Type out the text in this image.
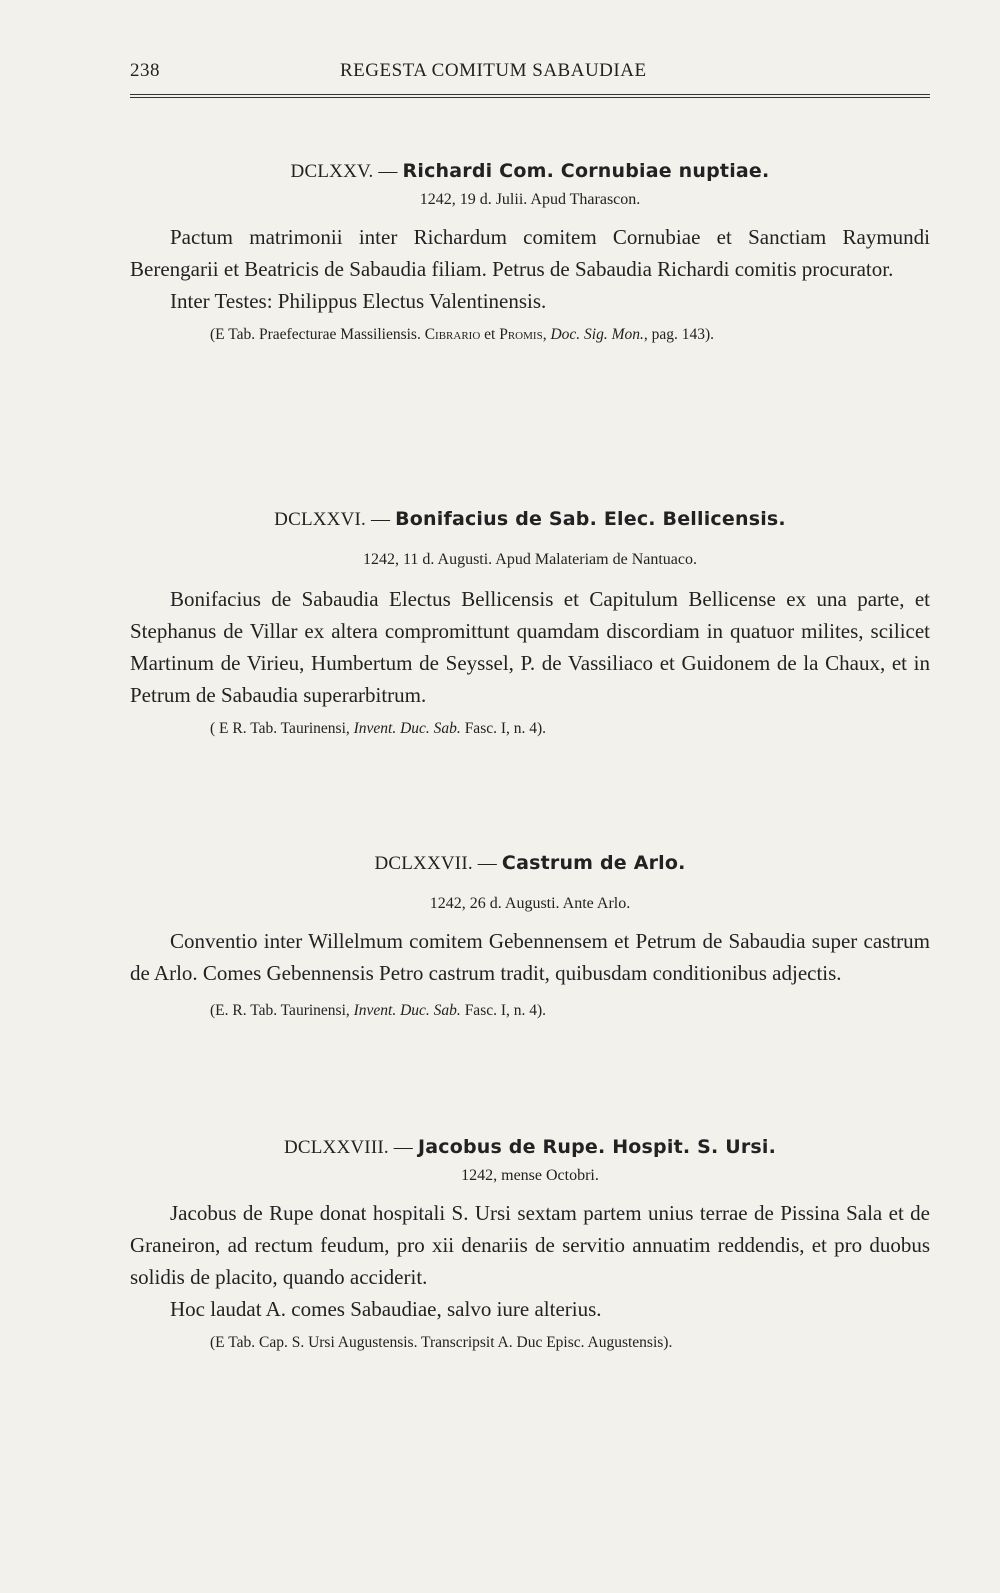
238	REGESTA COMITUM SABAUDIAE

DCLXXV. — Richardi Com. Cornubiae nuptiae.

1242, 19 d. Julii. Apud Tharascon.

Pactum matrimonii inter Richardum comitem Cornubiae et Sanctiam Raymundi Berengarii et Beatricis de Sabaudia filiam. Petrus de Sabaudia Richardi comitis procurator.

Inter Testes: Philippus Electus Valentinensis.

(E Tab. Praefecturae Massiliensis. Cibrario et Promis, Doc. Sig. Mon., pag. 143).

DCLXXVI. — Bonifacius de Sab. Elec. Bellicensis.

1242, 11 d. Augusti. Apud Malateriam de Nantuaco.

Bonifacius de Sabaudia Electus Bellicensis et Capitulum Bellicense ex una parte, et Stephanus de Villar ex altera compromittunt quamdam discordiam in quatuor milites, scilicet Martinum de Virieu, Humbertum de Seyssel, P. de Vassiliaco et Guidonem de la Chaux, et in Petrum de Sabaudia superarbitrum.

( E R. Tab. Taurinensi, Invent. Duc. Sab. Fasc. I, n. 4).

DCLXXVII. — Castrum de Arlo.

1242, 26 d. Augusti. Ante Arlo.

Conventio inter Willelmum comitem Gebennensem et Petrum de Sabaudia super castrum de Arlo. Comes Gebennensis Petro castrum tradit, quibusdam conditionibus adjectis.

(E. R. Tab. Taurinensi, Invent. Duc. Sab. Fasc. I, n. 4).

DCLXXVIII. — Jacobus de Rupe. Hospit. S. Ursi.

1242, mense Octobri.

Jacobus de Rupe donat hospitali S. Ursi sextam partem unius terrae de Pissina Sala et de Graneiron, ad rectum feudum, pro xii denariis de servitio annuatim reddendis, et pro duobus solidis de placito, quando acciderit.

Hoc laudat A. comes Sabaudiae, salvo iure alterius.

(E Tab. Cap. S. Ursi Augustensis. Transcripsit A. Duc Episc. Augustensis).
